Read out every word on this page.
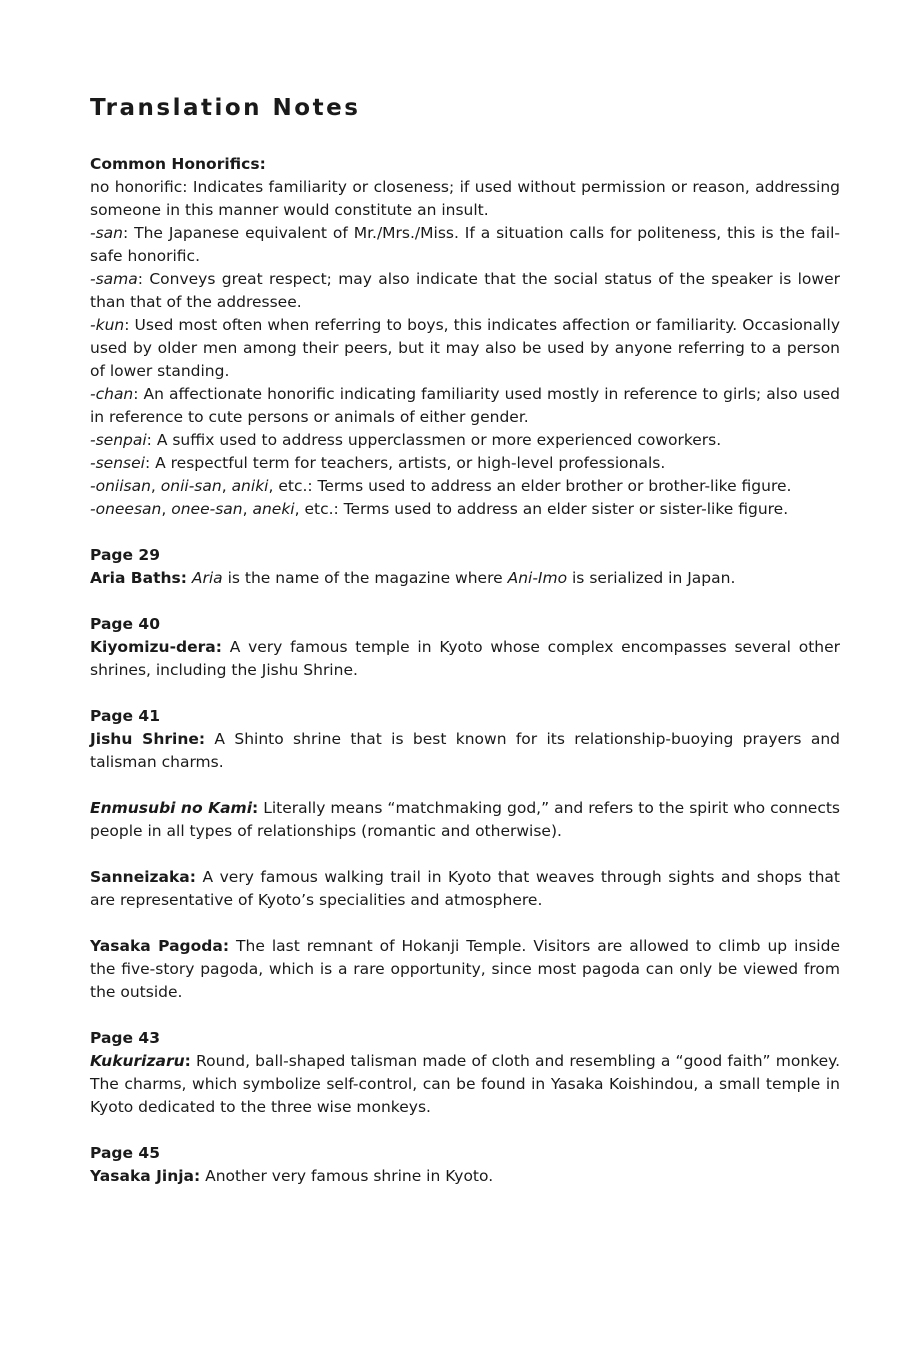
Translation Notes
Common Honorifics:

no honorific: Indicates familiarity or closeness; if used without permission or reason, addressing someone in this manner would constitute an insult.

-san: The Japanese equivalent of Mr./Mrs./Miss. If a situation calls for politeness, this is the fail-safe honorific.

-sama: Conveys great respect; may also indicate that the social status of the speaker is lower than that of the addressee.

-kun: Used most often when referring to boys, this indicates affection or familiarity. Occasionally used by older men among their peers, but it may also be used by anyone referring to a person of lower standing.

-chan: An affectionate honorific indicating familiarity used mostly in reference to girls; also used in reference to cute persons or animals of either gender.

-senpai: A suffix used to address upperclassmen or more experienced coworkers.

-sensei: A respectful term for teachers, artists, or high-level professionals.

-oniisan, onii-san, aniki, etc.: Terms used to address an elder brother or brother-like figure.

-oneesan, onee-san, aneki, etc.: Terms used to address an elder sister or sister-like figure.

Page 29

Aria Baths: Aria is the name of the magazine where Ani-Imo is serialized in Japan.

Page 40

Kiyomizu-dera: A very famous temple in Kyoto whose complex encompasses several other shrines, including the Jishu Shrine.

Page 41

Jishu Shrine: A Shinto shrine that is best known for its relationship-buoying prayers and talisman charms.

Enmusubi no Kami: Literally means “matchmaking god,” and refers to the spirit who connects people in all types of relationships (romantic and otherwise).

Sanneizaka: A very famous walking trail in Kyoto that weaves through sights and shops that are representative of Kyoto’s specialities and atmosphere.

Yasaka Pagoda: The last remnant of Hokanji Temple. Visitors are allowed to climb up inside the five-story pagoda, which is a rare opportunity, since most pagoda can only be viewed from the outside.

Page 43

Kukurizaru: Round, ball-shaped talisman made of cloth and resembling a “good faith” monkey. The charms, which symbolize self-control, can be found in Yasaka Koishindou, a small temple in Kyoto dedicated to the three wise monkeys.

Page 45

Yasaka Jinja: Another very famous shrine in Kyoto.
